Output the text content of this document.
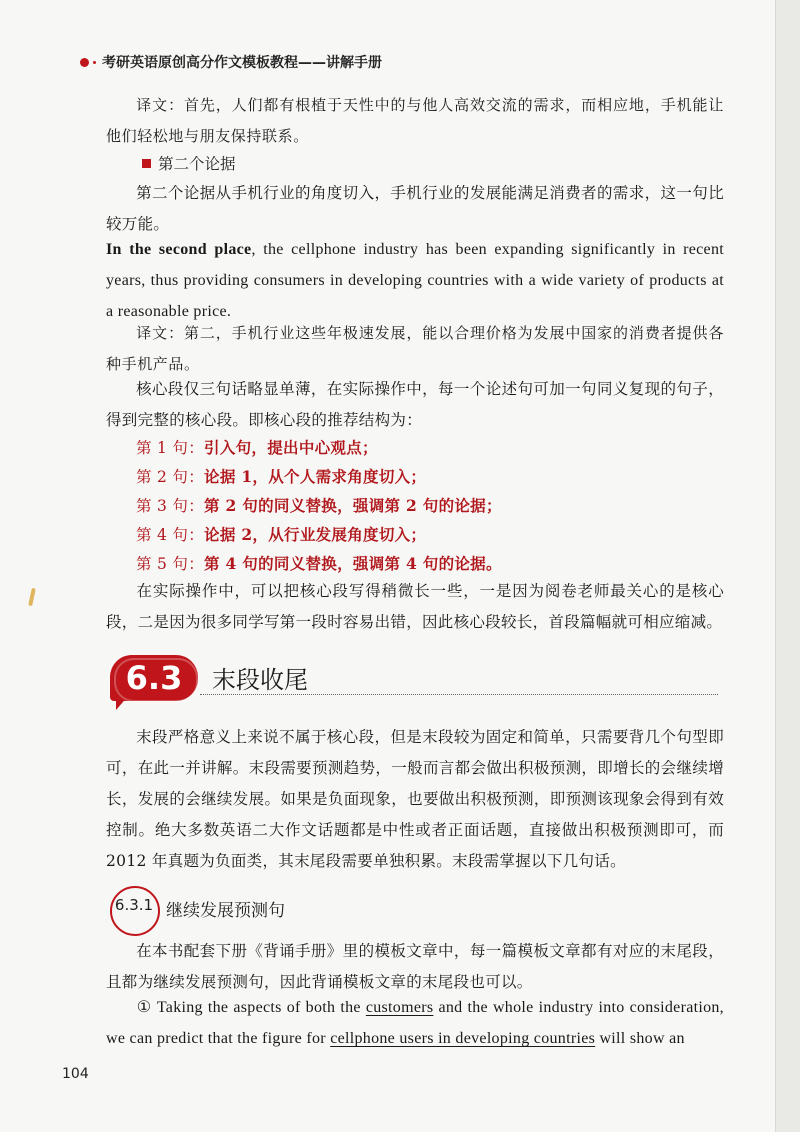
考研英语原创高分作文模板教程——讲解手册
译文：首先，人们都有根植于天性中的与他人高效交流的需求，而相应地，手机能让他们轻松地与朋友保持联系。
第二个论据
第二个论据从手机行业的角度切入，手机行业的发展能满足消费者的需求，这一句比较万能。
In the second place, the cellphone industry has been expanding significantly in recent years, thus providing consumers in developing countries with a wide variety of products at a reasonable price.
译文：第二，手机行业这些年极速发展，能以合理价格为发展中国家的消费者提供各种手机产品。
核心段仅三句话略显单薄，在实际操作中，每一个论述句可加一句同义复现的句子，得到完整的核心段。即核心段的推荐结构为：
第 1 句：引入句，提出中心观点；
第 2 句：论据 1，从个人需求角度切入；
第 3 句：第 2 句的同义替换，强调第 2 句的论据；
第 4 句：论据 2，从行业发展角度切入；
第 5 句：第 4 句的同义替换，强调第 4 句的论据。
在实际操作中，可以把核心段写得稍微长一些，一是因为阅卷老师最关心的是核心段，二是因为很多同学写第一段时容易出错，因此核心段较长，首段篇幅就可相应缩减。
6.3	末段收尾
末段严格意义上来说不属于核心段，但是末段较为固定和简单，只需要背几个句型即可，在此一并讲解。末段需要预测趋势，一般而言都会做出积极预测，即增长的会继续增长，发展的会继续发展。如果是负面现象，也要做出积极预测，即预测该现象会得到有效控制。绝大多数英语二大作文话题都是中性或者正面话题，直接做出积极预测即可，而 2012 年真题为负面类，其末尾段需要单独积累。末段需掌握以下几句话。
6.3.1 继续发展预测句
在本书配套下册《背诵手册》里的模板文章中，每一篇模板文章都有对应的末尾段，且都为继续发展预测句，因此背诵模板文章的末尾段也可以。
① Taking the aspects of both the customers and the whole industry into consideration, we can predict that the figure for cellphone users in developing countries will show an
104
